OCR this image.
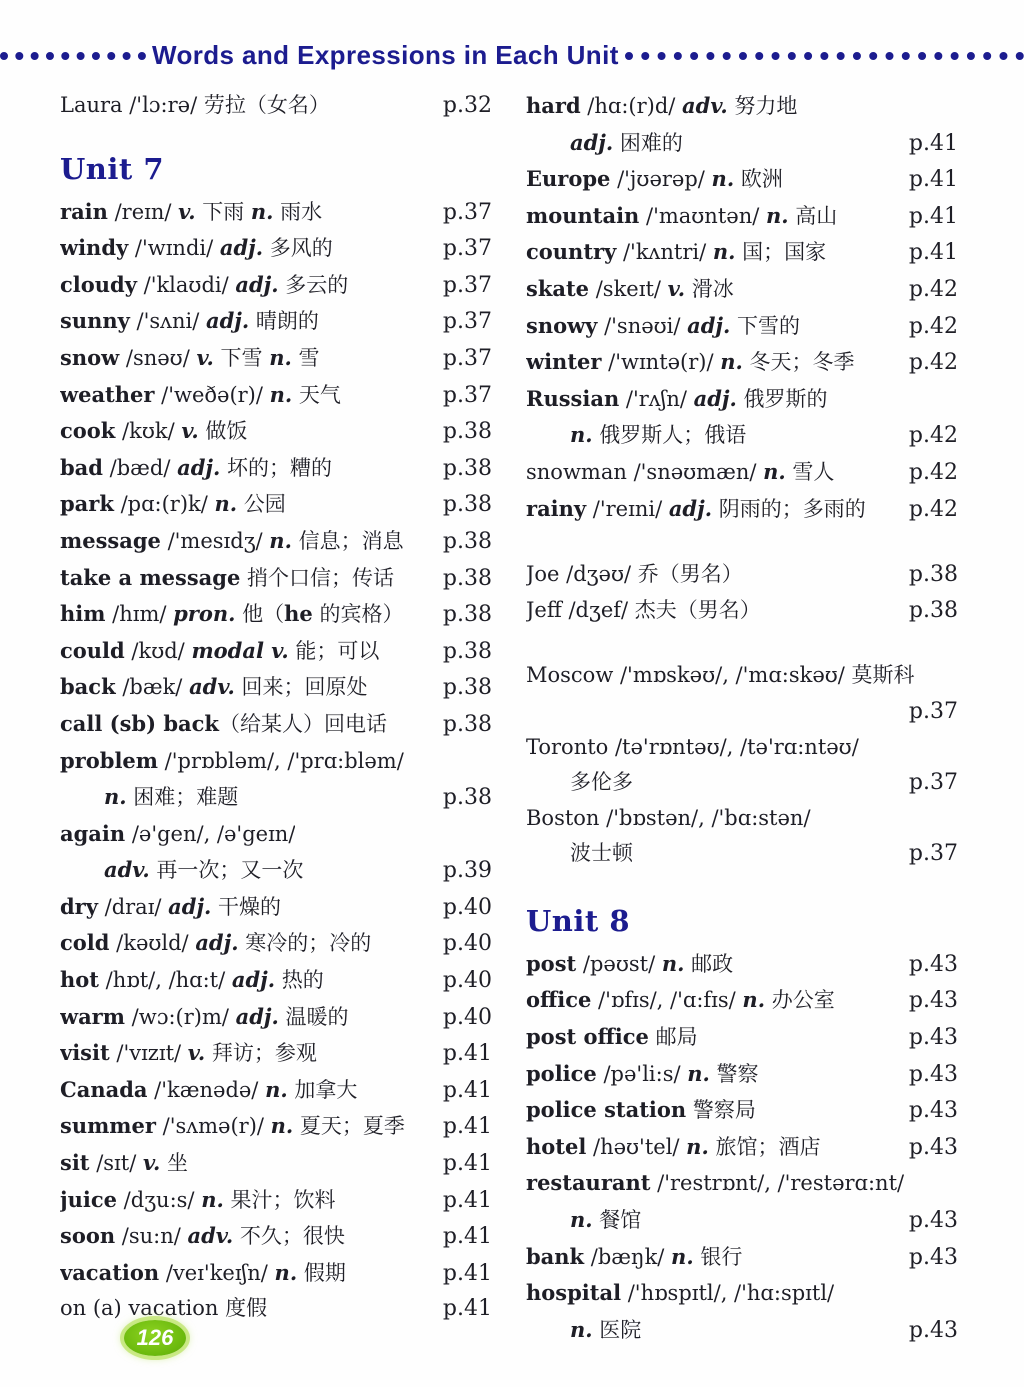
Words and Expressions in Each Unit
Laura /'lɔ:rə/ 劳拉（女名）	p.32
Unit 7
rain /reɪn/ v. 下雨 n. 雨水	p.37
windy /'wɪndi/ adj. 多风的	p.37
cloudy /'klaʊdi/ adj. 多云的	p.37
sunny /'sʌni/ adj. 晴朗的	p.37
snow /snəʊ/ v. 下雪 n. 雪	p.37
weather /'weðə(r)/ n. 天气	p.37
cook /kʊk/ v. 做饭	p.38
bad /bæd/ adj. 坏的；糟的	p.38
park /pɑ:(r)k/ n. 公园	p.38
message /'mesɪdʒ/ n. 信息；消息 p.38
take a message 捎个口信；传话 p.38
him /hɪm/ pron. 他（he 的宾格） p.38
could /kʊd/ modal v. 能；可以	p.38
back /bæk/ adv. 回来；回原处	p.38
call (sb) back（给某人）回电话	p.38
problem /'prɒbləm/, /'prɑ:bləm/
n. 困难；难题	p.38
again /ə'gen/, /ə'geɪn/
adv. 再一次；又一次	p.39
dry /draɪ/ adj. 干燥的	p.40
cold /kəʊld/ adj. 寒冷的；冷的	p.40
hot /hɒt/, /hɑ:t/ adj. 热的	p.40
warm /wɔ:(r)m/ adj. 温暖的	p.40
visit /'vɪzɪt/ v. 拜访；参观	p.41
Canada /'kænədə/ n. 加拿大	p.41
summer /'sʌmə(r)/ n. 夏天；夏季 p.41
sit /sɪt/ v. 坐	p.41
juice /dʒu:s/ n. 果汁；饮料	p.41
soon /su:n/ adv. 不久；很快	p.41
vacation /veɪ'keɪʃn/ n. 假期	p.41
on (a) vacation 度假	p.41
hard /hɑ:(r)d/ adv. 努力地
adj. 困难的	p.41
Europe /'jʊərəp/ n. 欧洲	p.41
mountain /'maʊntən/ n. 高山	p.41
country /'kʌntri/ n. 国；国家	p.41
skate /skeɪt/ v. 滑冰	p.42
snowy /'snəʊi/ adj. 下雪的	p.42
winter /'wɪntə(r)/ n. 冬天；冬季 p.42
Russian /'rʌʃn/ adj. 俄罗斯的
n. 俄罗斯人；俄语	p.42
snowman /'snəʊmæn/ n. 雪人	p.42
rainy /'reɪni/ adj. 阴雨的；多雨的 p.42
Joe /dʒəʊ/ 乔（男名）	p.38
Jeff /dʒef/ 杰夫（男名）	p.38
Moscow /'mɒskəʊ/, /'mɑ:skəʊ/ 莫斯科
p.37
Toronto /tə'rɒntəʊ/, /tə'rɑ:ntəʊ/
多伦多	p.37
Boston /'bɒstən/, /'bɑ:stən/
波士顿	p.37
Unit 8
post /pəʊst/ n. 邮政	p.43
office /'ɒfɪs/, /'ɑ:fɪs/ n. 办公室	p.43
post office 邮局	p.43
police /pə'li:s/ n. 警察	p.43
police station 警察局	p.43
hotel /həʊ'tel/ n. 旅馆；酒店	p.43
restaurant /'restrɒnt/, /'restərɑ:nt/
n. 餐馆	p.43
bank /bæŋk/ n. 银行	p.43
hospital /'hɒspɪtl/, /'hɑ:spɪtl/
n. 医院	p.43
126
